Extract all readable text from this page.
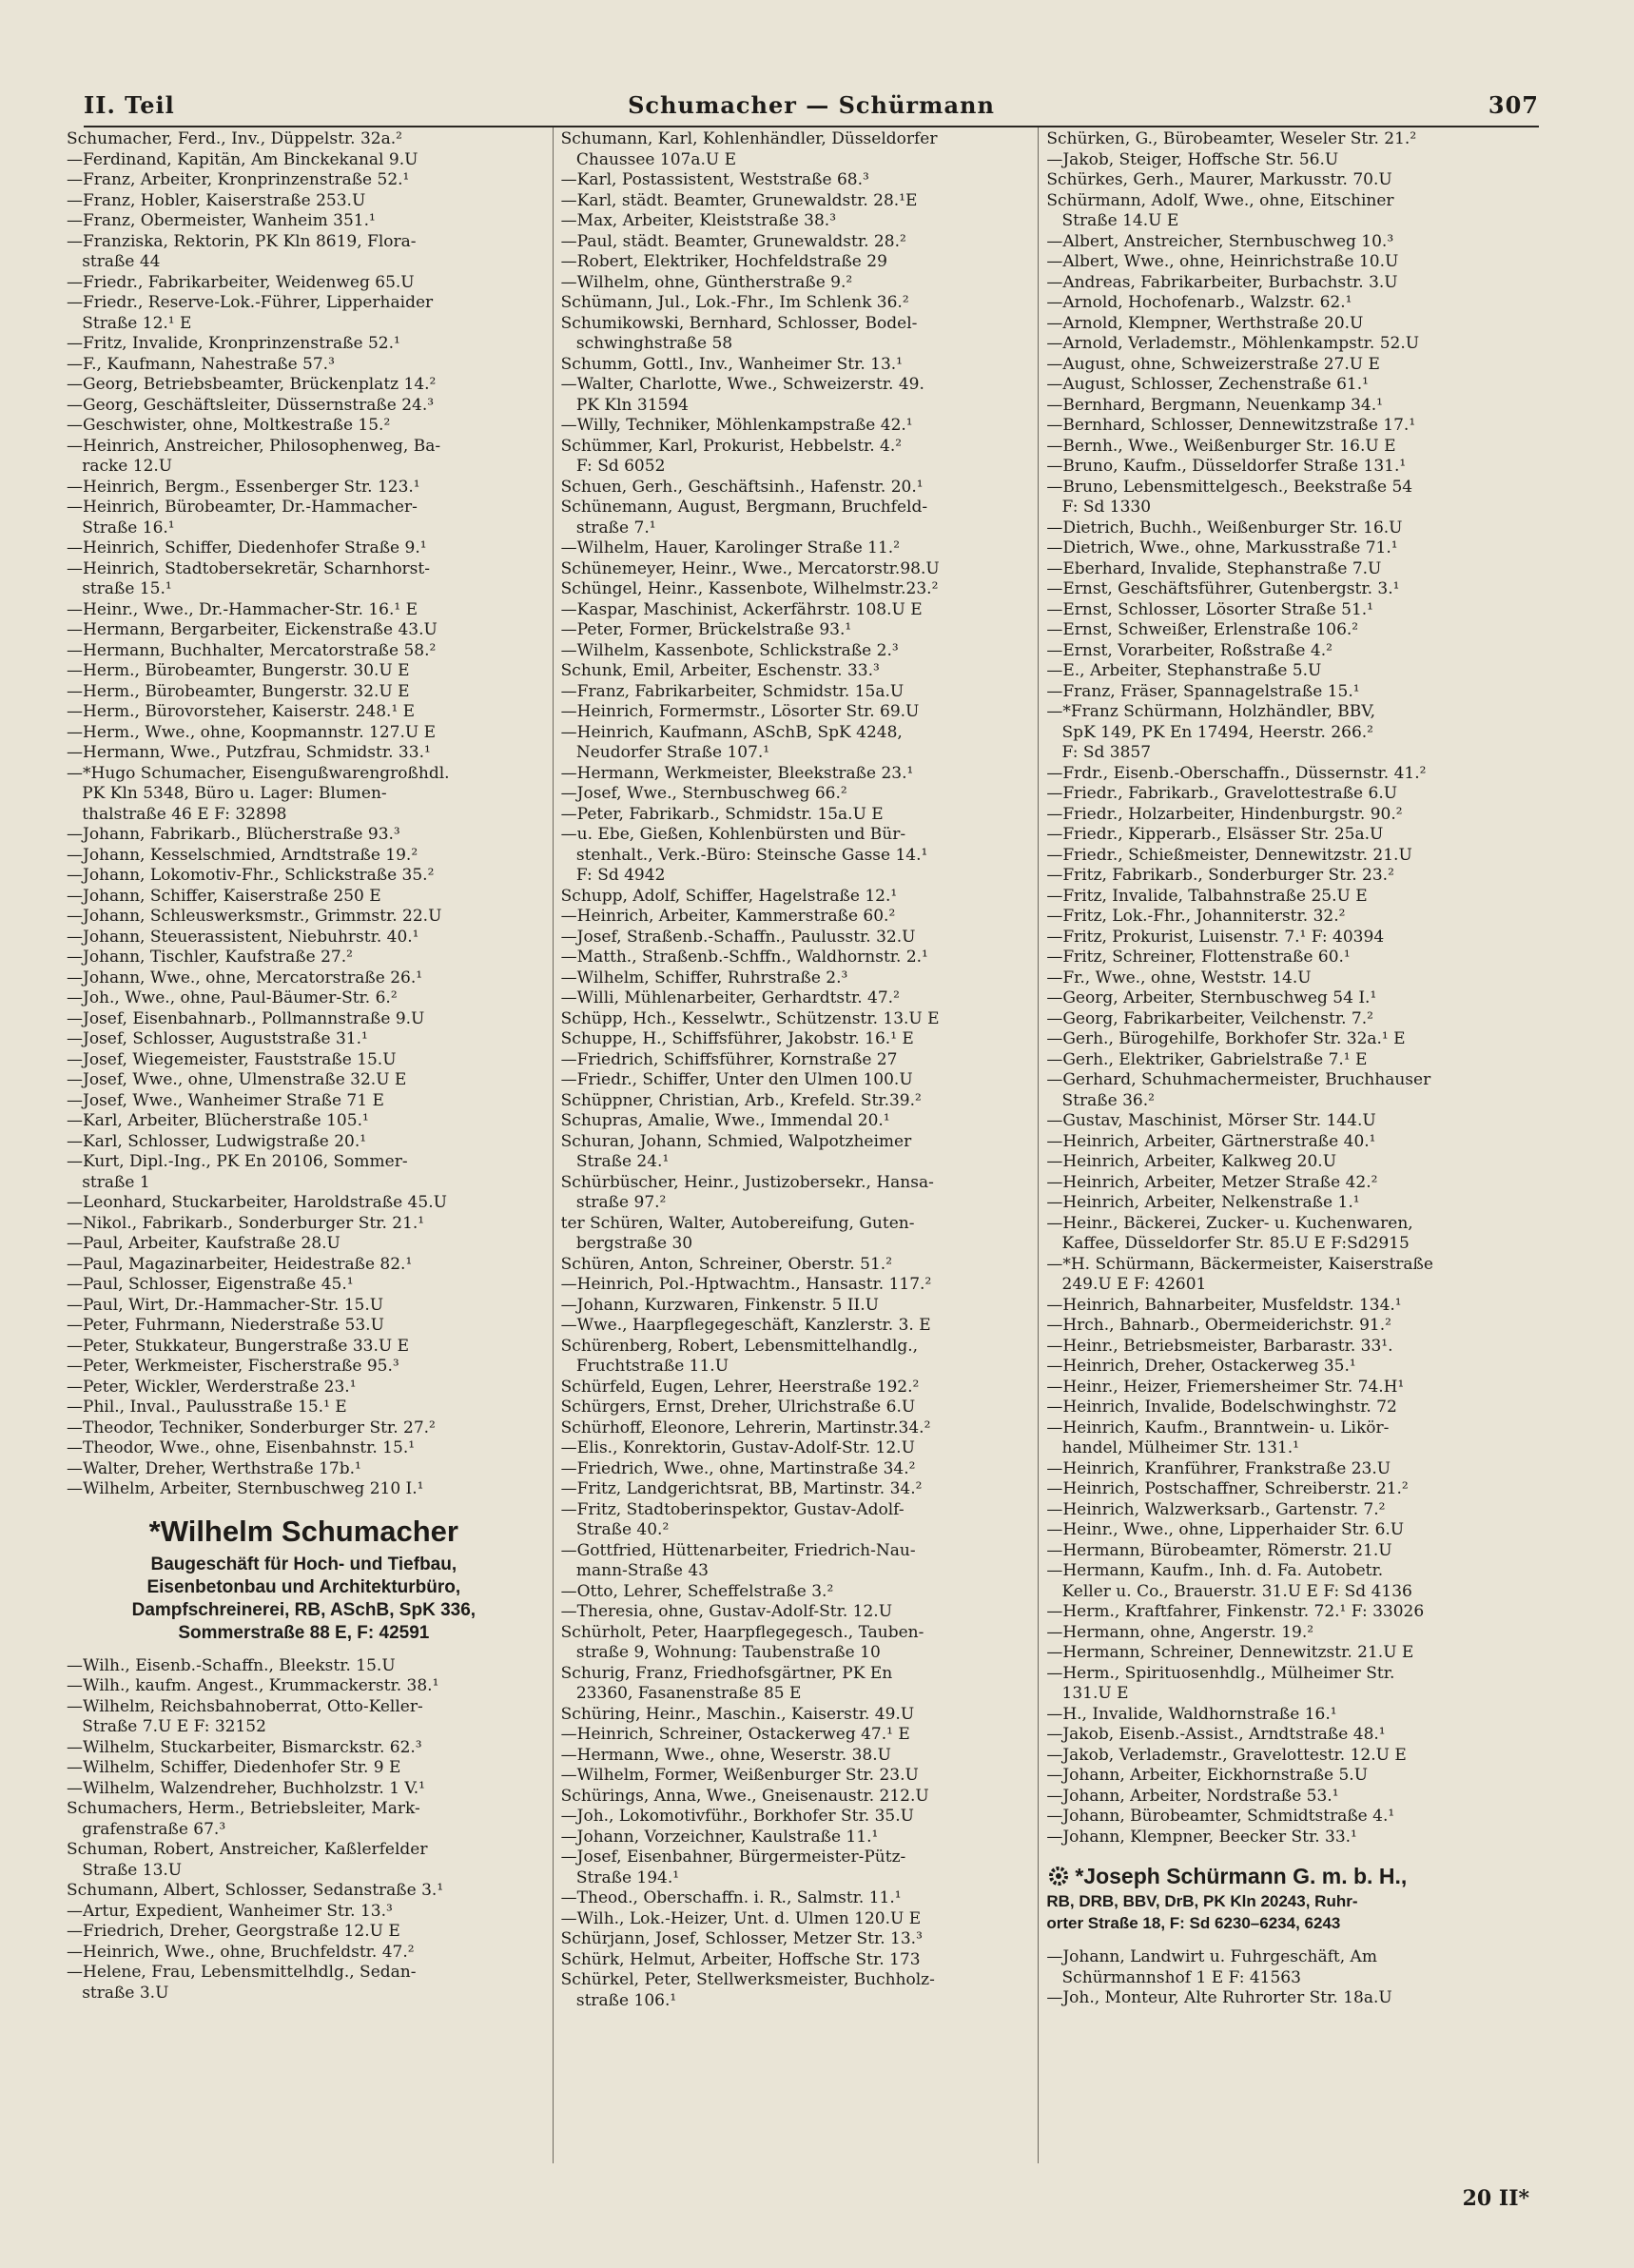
II. Teil	Schumacher — Schürmann	307
Schumacher, Ferd., Inv., Düppelstr. 32a.²
—Ferdinand, Kapitän, Am Binckekanal 9.U
—Franz, Arbeiter, Kronprinzenstraße 52.¹
—Franz, Hobler, Kaiserstraße 253.U
—Franz, Obermeister, Wanheim 351.¹
—Franziska, Rektorin, PK Kln 8619, Flora-
straße 44
—Friedr., Fabrikarbeiter, Weidenweg 65.U
—Friedr., Reserve-Lok.-Führer, Lipperhaider
Straße 12.¹ E
—Fritz, Invalide, Kronprinzenstraße 52.¹
—F., Kaufmann, Nahestraße 57.³
—Georg, Betriebsbeamter, Brückenplatz 14.²
—Georg, Geschäftsleiter, Düssernstraße 24.³
—Geschwister, ohne, Moltkestraße 15.²
—Heinrich, Anstreicher, Philosophenweg, Ba-
racke 12.U
—Heinrich, Bergm., Essenberger Str. 123.¹
—Heinrich, Bürobeamter, Dr.-Hammacher-
Straße 16.¹
—Heinrich, Schiffer, Diedenhofer Straße 9.¹
—Heinrich, Stadtobersekretär, Scharnhorst-
straße 15.¹
—Heinr., Wwe., Dr.-Hammacher-Str. 16.¹ E
—Hermann, Bergarbeiter, Eickenstraße 43.U
—Hermann, Buchhalter, Mercatorstraße 58.²
—Herm., Bürobeamter, Bungerstr. 30.U E
—Herm., Bürobeamter, Bungerstr. 32.U E
—Herm., Bürovorsteher, Kaiserstr. 248.¹ E
—Herm., Wwe., ohne, Koopmannstr. 127.U E
—Hermann, Wwe., Putzfrau, Schmidstr. 33.¹
—*Hugo Schumacher, Eisengußwarengroßhdl.
PK Kln 5348, Büro u. Lager: Blumen-
thalstraße 46 E F: 32898
—Johann, Fabrikarb., Blücherstraße 93.³
—Johann, Kesselschmied, Arndtstraße 19.²
—Johann, Lokomotiv-Fhr., Schlickstraße 35.²
—Johann, Schiffer, Kaiserstraße 250 E
—Johann, Schleuswerksmstr., Grimmstr. 22.U
—Johann, Steuerassistent, Niebuhrstr. 40.¹
—Johann, Tischler, Kaufstraße 27.²
—Johann, Wwe., ohne, Mercatorstraße 26.¹
—Joh., Wwe., ohne, Paul-Bäumer-Str. 6.²
—Josef, Eisenbahnarb., Pollmannstraße 9.U
—Josef, Schlosser, Auguststraße 31.¹
—Josef, Wiegemeister, Fauststraße 15.U
—Josef, Wwe., ohne, Ulmenstraße 32.U E
—Josef, Wwe., Wanheimer Straße 71 E
—Karl, Arbeiter, Blücherstraße 105.¹
—Karl, Schlosser, Ludwigstraße 20.¹
—Kurt, Dipl.-Ing., PK En 20106, Sommer-
straße 1
—Leonhard, Stuckarbeiter, Haroldstraße 45.U
—Nikol., Fabrikarb., Sonderburger Str. 21.¹
—Paul, Arbeiter, Kaufstraße 28.U
—Paul, Magazinarbeiter, Heidestraße 82.¹
—Paul, Schlosser, Eigenstraße 45.¹
—Paul, Wirt, Dr.-Hammacher-Str. 15.U
—Peter, Fuhrmann, Niederstraße 53.U
—Peter, Stukkateur, Bungerstraße 33.U E
—Peter, Werkmeister, Fischerstraße 95.³
—Peter, Wickler, Werderstraße 23.¹
—Phil., Inval., Paulusstraße 15.¹ E
—Theodor, Techniker, Sonderburger Str. 27.²
—Theodor, Wwe., ohne, Eisenbahnstr. 15.¹
—Walter, Dreher, Werthstraße 17b.¹
—Wilhelm, Arbeiter, Sternbuschweg 210 I.¹
*Wilhelm Schumacher
Baugeschäft für Hoch- und Tiefbau,
Eisenbetonbau und Architekturbüro,
Dampfschreinerei, RB, ASchB, SpK 336,
Sommerstraße 88 E, F: 42591
—Wilh., Eisenb.-Schaffn., Bleekstr. 15.U
—Wilh., kaufm. Angest., Krummackerstr. 38.¹
—Wilhelm, Reichsbahnoberrat, Otto-Keller-
Straße 7.U E F: 32152
—Wilhelm, Stuckarbeiter, Bismarckstr. 62.³
—Wilhelm, Schiffer, Diedenhofer Str. 9 E
—Wilhelm, Walzendreher, Buchholzstr. 1 V.¹
Schumachers, Herm., Betriebsleiter, Mark-
grafenstraße 67.³
Schuman, Robert, Anstreicher, Kaßlerfelder
Straße 13.U
Schumann, Albert, Schlosser, Sedanstraße 3.¹
—Artur, Expedient, Wanheimer Str. 13.³
—Friedrich, Dreher, Georgstraße 12.U E
—Heinrich, Wwe., ohne, Bruchfeldstr. 47.²
—Helene, Frau, Lebensmittelhdlg., Sedan-
straße 3.U
Schumann, Karl, Kohlenhändler, Düsseldorfer
Chaussee 107a.U E
—Karl, Postassistent, Weststraße 68.³
—Karl, städt. Beamter, Grunewaldstr. 28.¹E
—Max, Arbeiter, Kleiststraße 38.³
—Paul, städt. Beamter, Grunewaldstr. 28.²
—Robert, Elektriker, Hochfeldstraße 29
—Wilhelm, ohne, Güntherstraße 9.²
Schümann, Jul., Lok.-Fhr., Im Schlenk 36.²
Schumikowski, Bernhard, Schlosser, Bodel-
schwinghstraße 58
Schumm, Gottl., Inv., Wanheimer Str. 13.¹
—Walter, Charlotte, Wwe., Schweizerstr. 49.
PK Kln 31594
—Willy, Techniker, Möhlenkampstraße 42.¹
Schümmer, Karl, Prokurist, Hebbelstr. 4.²
F: Sd 6052
Schuen, Gerh., Geschäftsinh., Hafenstr. 20.¹
Schünemann, August, Bergmann, Bruchfeld-
straße 7.¹
—Wilhelm, Hauer, Karolinger Straße 11.²
Schünemeyer, Heinr., Wwe., Mercatorstr.98.U
Schüngel, Heinr., Kassenbote, Wilhelmstr.23.²
—Kaspar, Maschinist, Ackerfährstr. 108.U E
—Peter, Former, Brückelstraße 93.¹
—Wilhelm, Kassenbote, Schlickstraße 2.³
Schunk, Emil, Arbeiter, Eschenstr. 33.³
—Franz, Fabrikarbeiter, Schmidstr. 15a.U
—Heinrich, Formermstr., Lösorter Str. 69.U
—Heinrich, Kaufmann, ASchB, SpK 4248,
Neudorfer Straße 107.¹
—Hermann, Werkmeister, Bleekstraße 23.¹
—Josef, Wwe., Sternbuschweg 66.²
—Peter, Fabrikarb., Schmidstr. 15a.U E
—u. Ebe, Gießen, Kohlenbürsten und Bür-
stenhalt., Verk.-Büro: Steinsche Gasse 14.¹
F: Sd 4942
Schupp, Adolf, Schiffer, Hagelstraße 12.¹
—Heinrich, Arbeiter, Kammerstraße 60.²
—Josef, Straßenb.-Schaffn., Paulusstr. 32.U
—Matth., Straßenb.-Schffn., Waldhornstr. 2.¹
—Wilhelm, Schiffer, Ruhrstraße 2.³
—Willi, Mühlenarbeiter, Gerhardtstr. 47.²
Schüpp, Hch., Kesselwtr., Schützenstr. 13.U E
Schuppe, H., Schiffsführer, Jakobstr. 16.¹ E
—Friedrich, Schiffsführer, Kornstraße 27
—Friedr., Schiffer, Unter den Ulmen 100.U
Schüppner, Christian, Arb., Krefeld. Str.39.²
Schupras, Amalie, Wwe., Immendal 20.¹
Schuran, Johann, Schmied, Walpotzheimer
Straße 24.¹
Schürbüscher, Heinr., Justizobersekr., Hansa-
straße 97.²
ter Schüren, Walter, Autobereifung, Guten-
bergstraße 30
Schüren, Anton, Schreiner, Oberstr. 51.²
—Heinrich, Pol.-Hptwachtm., Hansastr. 117.²
—Johann, Kurzwaren, Finkenstr. 5 II.U
—Wwe., Haarpflegegeschäft, Kanzlerstr. 3. E
Schürenberg, Robert, Lebensmittelhandlg.,
Fruchtstraße 11.U
Schürfeld, Eugen, Lehrer, Heerstraße 192.²
Schürgers, Ernst, Dreher, Ulrichstraße 6.U
Schürhoff, Eleonore, Lehrerin, Martinstr.34.²
—Elis., Konrektorin, Gustav-Adolf-Str. 12.U
—Friedrich, Wwe., ohne, Martinstraße 34.²
—Fritz, Landgerichtsrat, BB, Martinstr. 34.²
—Fritz, Stadtoberinspektor, Gustav-Adolf-
Straße 40.²
—Gottfried, Hüttenarbeiter, Friedrich-Nau-
mann-Straße 43
—Otto, Lehrer, Scheffelstraße 3.²
—Theresia, ohne, Gustav-Adolf-Str. 12.U
Schürholt, Peter, Haarpflegegesch., Tauben-
straße 9, Wohnung: Taubenstraße 10
Schurig, Franz, Friedhofsgärtner, PK En
23360, Fasanenstraße 85 E
Schüring, Heinr., Maschin., Kaiserstr. 49.U
—Heinrich, Schreiner, Ostackerweg 47.¹ E
—Hermann, Wwe., ohne, Weserstr. 38.U
—Wilhelm, Former, Weißenburger Str. 23.U
Schürings, Anna, Wwe., Gneisenaustr. 212.U
—Joh., Lokomotivführ., Borkhofer Str. 35.U
—Johann, Vorzeichner, Kaulstraße 11.¹
—Josef, Eisenbahner, Bürgermeister-Pütz-
Straße 194.¹
—Theod., Oberschaffn. i. R., Salmstr. 11.¹
—Wilh., Lok.-Heizer, Unt. d. Ulmen 120.U E
Schürjann, Josef, Schlosser, Metzer Str. 13.³
Schürk, Helmut, Arbeiter, Hoffsche Str. 173
Schürkel, Peter, Stellwerksmeister, Buchholz-
straße 106.¹
Schürken, G., Bürobeamter, Weseler Str. 21.²
—Jakob, Steiger, Hoffsche Str. 56.U
Schürkes, Gerh., Maurer, Markusstr. 70.U
Schürmann, Adolf, Wwe., ohne, Eitschiner
Straße 14.U E
—Albert, Anstreicher, Sternbuschweg 10.³
—Albert, Wwe., ohne, Heinrichstraße 10.U
—Andreas, Fabrikarbeiter, Burbachstr. 3.U
—Arnold, Hochofenarb., Walzstr. 62.¹
—Arnold, Klempner, Werthstraße 20.U
—Arnold, Verlademstr., Möhlenkampstr. 52.U
—August, ohne, Schweizerstraße 27.U E
—August, Schlosser, Zechenstraße 61.¹
—Bernhard, Bergmann, Neuenkamp 34.¹
—Bernhard, Schlosser, Dennewitzstraße 17.¹
—Bernh., Wwe., Weißenburger Str. 16.U E
—Bruno, Kaufm., Düsseldorfer Straße 131.¹
—Bruno, Lebensmittelgesch., Beekstraße 54
F: Sd 1330
—Dietrich, Buchh., Weißenburger Str. 16.U
—Dietrich, Wwe., ohne, Markusstraße 71.¹
—Eberhard, Invalide, Stephanstraße 7.U
—Ernst, Geschäftsführer, Gutenbergstr. 3.¹
—Ernst, Schlosser, Lösorter Straße 51.¹
—Ernst, Schweißer, Erlenstraße 106.²
—Ernst, Vorarbeiter, Roßstraße 4.²
—E., Arbeiter, Stephanstraße 5.U
—Franz, Fräser, Spannagelstraße 15.¹
—*Franz Schürmann, Holzhändler, BBV,
SpK 149, PK En 17494, Heerstr. 266.²
F: Sd 3857
—Frdr., Eisenb.-Oberschaffn., Düssernstr. 41.²
—Friedr., Fabrikarb., Gravelottestraße 6.U
—Friedr., Holzarbeiter, Hindenburgstr. 90.²
—Friedr., Kipperarb., Elsässer Str. 25a.U
—Friedr., Schießmeister, Dennewitzstr. 21.U
—Fritz, Fabrikarb., Sonderburger Str. 23.²
—Fritz, Invalide, Talbahnstraße 25.U E
—Fritz, Lok.-Fhr., Johanniterstr. 32.²
—Fritz, Prokurist, Luisenstr. 7.¹ F: 40394
—Fritz, Schreiner, Flottenstraße 60.¹
—Fr., Wwe., ohne, Weststr. 14.U
—Georg, Arbeiter, Sternbuschweg 54 I.¹
—Georg, Fabrikarbeiter, Veilchenstr. 7.²
—Gerh., Bürogehilfe, Borkhofer Str. 32a.¹ E
—Gerh., Elektriker, Gabrielstraße 7.¹ E
—Gerhard, Schuhmachermeister, Bruchhauser
Straße 36.²
—Gustav, Maschinist, Mörser Str. 144.U
—Heinrich, Arbeiter, Gärtnerstraße 40.¹
—Heinrich, Arbeiter, Kalkweg 20.U
—Heinrich, Arbeiter, Metzer Straße 42.²
—Heinrich, Arbeiter, Nelkenstraße 1.¹
—Heinr., Bäckerei, Zucker- u. Kuchenwaren,
Kaffee, Düsseldorfer Str. 85.U E F:Sd2915
—*H. Schürmann, Bäckermeister, Kaiserstraße
249.U E F: 42601
—Heinrich, Bahnarbeiter, Musfeldstr. 134.¹
—Hrch., Bahnarb., Obermeiderichstr. 91.²
—Heinr., Betriebsmeister, Barbarastr. 33¹.
—Heinrich, Dreher, Ostackerweg 35.¹
—Heinr., Heizer, Friemersheimer Str. 74.H¹
—Heinrich, Invalide, Bodelschwinghstr. 72
—Heinrich, Kaufm., Branntwein- u. Likör-
handel, Mülheimer Str. 131.¹
—Heinrich, Kranführer, Frankstraße 23.U
—Heinrich, Postschaffner, Schreiberstr. 21.²
—Heinrich, Walzwerksarb., Gartenstr. 7.²
—Heinr., Wwe., ohne, Lipperhaider Str. 6.U
—Hermann, Bürobeamter, Römerstr. 21.U
—Hermann, Kaufm., Inh. d. Fa. Autobetr.
Keller u. Co., Brauerstr. 31.U E F: Sd 4136
—Herm., Kraftfahrer, Finkenstr. 72.¹ F: 33026
—Hermann, ohne, Angerstr. 19.²
—Hermann, Schreiner, Dennewitzstr. 21.U E
—Herm., Spirituosenhdlg., Mülheimer Str.
131.U E
—H., Invalide, Waldhornstraße 16.¹
—Jakob, Eisenb.-Assist., Arndtstraße 48.¹
—Jakob, Verlademstr., Gravelottestr. 12.U E
—Johann, Arbeiter, Eickhornstraße 5.U
—Johann, Arbeiter, Nordstraße 53.¹
—Johann, Bürobeamter, Schmidtstraße 4.¹
—Johann, Klempner, Beecker Str. 33.¹
*Joseph Schürmann G. m. b. H.,
RB, DRB, BBV, DrB, PK Kln 20243, Ruhr-
orter Straße 18, F: Sd 6230–6234, 6243
—Johann, Landwirt u. Fuhrgeschäft, Am
Schürmannshof 1 E F: 41563
—Joh., Monteur, Alte Ruhrorter Str. 18a.U
20 II*
